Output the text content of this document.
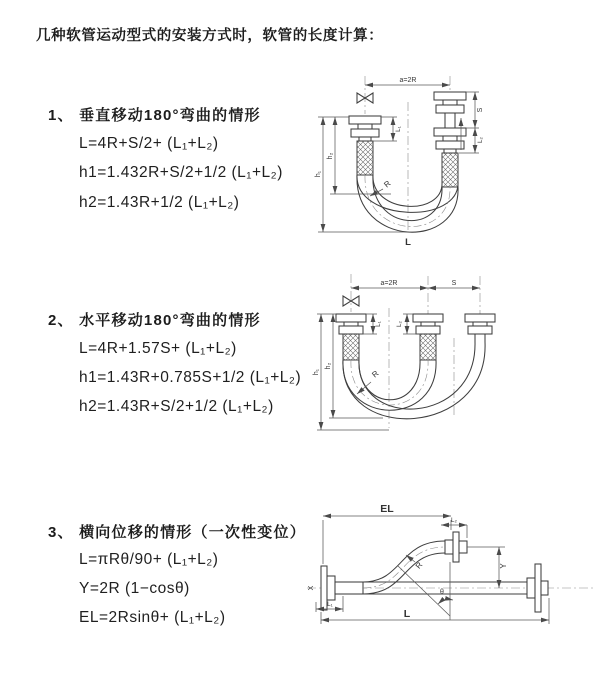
几种软管运动型式的安装方式时，软管的长度计算：
1、 垂直移动180°弯曲的情形
L=4R+S/2+ (L₁+L₂)
h1=1.432R+S/2+1/2 (L₁+L₂)
h2=1.43R+1/2 (L₁+L₂)
2、 水平移动180°弯曲的情形
L=4R+1.57S+ (L₁+L₂)
h1=1.43R+0.785S+1/2 (L₁+L₂)
h2=1.43R+S/2+1/2 (L₁+L₂)
3、 横向位移的情形（一次性变位）
L=πRθ/90+ (L₁+L₂)
Y=2R (1−cosθ)
EL=2Rsinθ+ (L₁+L₂)
a=2R
L₁
S
L₂
h₁
h₂
R
L
a=2R	S
L₁ L₂
h₁
h₂
R
X
EL
L₂
Y
θ
R
L₁
L
